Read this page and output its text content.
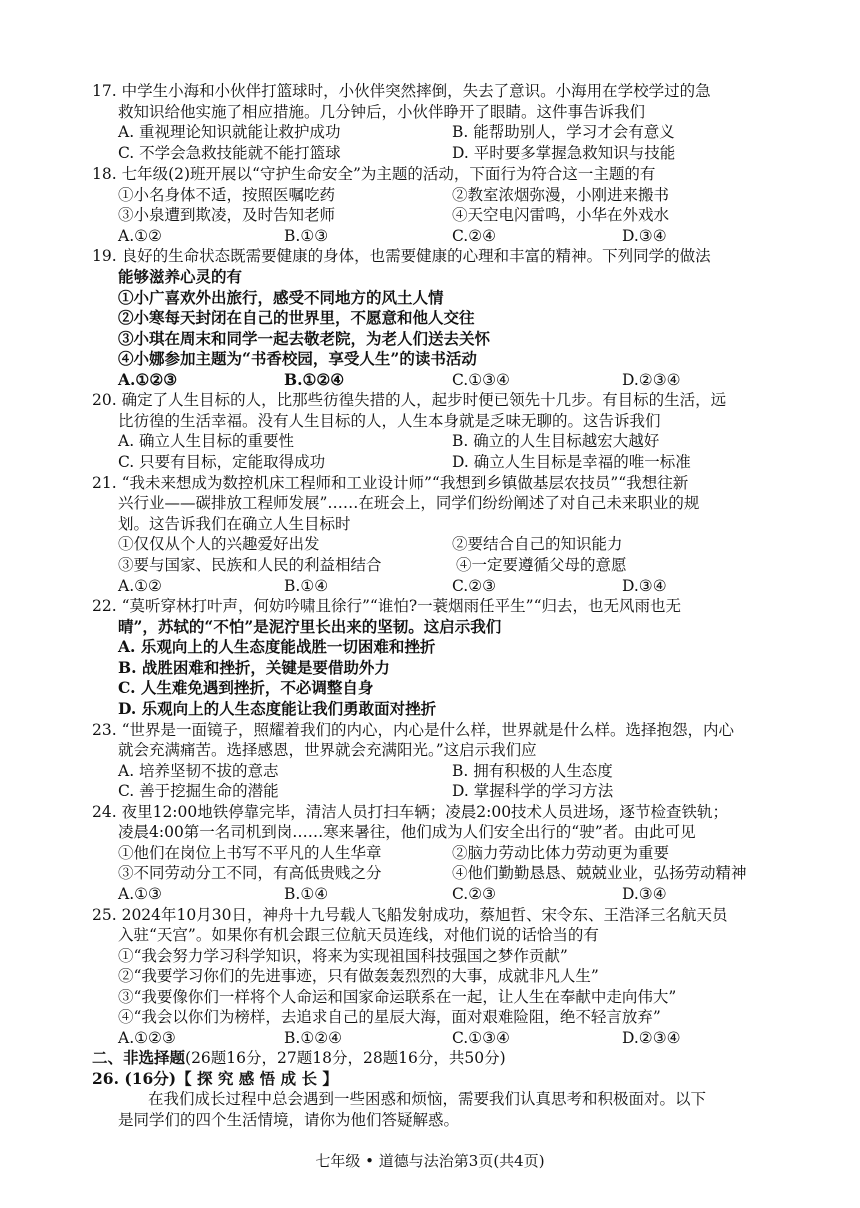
17. 中学生小海和小伙伴打篮球时，小伙伴突然摔倒，失去了意识。小海用在学校学过的急
救知识给他实施了相应措施。几分钟后，小伙伴睁开了眼睛。这件事告诉我们
A. 重视理论知识就能让救护成功	B. 能帮助别人，学习才会有意义
C. 不学会急救技能就不能打篮球	D. 平时要多掌握急救知识与技能
18. 七年级(2)班开展以“守护生命安全”为主题的活动，下面行为符合这一主题的有
①小名身体不适，按照医嘱吃药	②教室浓烟弥漫，小刚进来搬书
③小泉遭到欺凌，及时告知老师	④天空电闪雷鸣，小华在外戏水
A.①②	B.①③	C.②④	D.③④
19. 良好的生命状态既需要健康的身体，也需要健康的心理和丰富的精神。下列同学的做法
能够滋养心灵的有
①小广喜欢外出旅行，感受不同地方的风土人情
②小寒每天封闭在自己的世界里，不愿意和他人交往
③小琪在周末和同学一起去敬老院，为老人们送去关怀
④小娜参加主题为“书香校园，享受人生”的读书活动
A.①②③	B.①②④	C.①③④	D.②③④
20. 确定了人生目标的人，比那些彷徨失措的人，起步时便已领先十几步。有目标的生活，远
比彷徨的生活幸福。没有人生目标的人，人生本身就是乏味无聊的。这告诉我们
A. 确立人生目标的重要性	B. 确立的人生目标越宏大越好
C. 只要有目标，定能取得成功	D. 确立人生目标是幸福的唯一标准
21. “我未来想成为数控机床工程师和工业设计师”“我想到乡镇做基层农技员”“我想往新
兴行业——碳排放工程师发展”……在班会上，同学们纷纷阐述了对自己未来职业的规
划。这告诉我们在确立人生目标时
①仅仅从个人的兴趣爱好出发	②要结合自己的知识能力
③要与国家、民族和人民的利益相结合	④一定要遵循父母的意愿
A.①②	B.①④	C.②③	D.③④
22. “莫听穿林打叶声，何妨吟啸且徐行”“谁怕?一蓑烟雨任平生”“归去，也无风雨也无
晴”，苏轼的“不怕”是泥泞里长出来的坚韧。这启示我们
A. 乐观向上的人生态度能战胜一切困难和挫折
B. 战胜困难和挫折，关键是要借助外力
C. 人生难免遇到挫折，不必调整自身
D. 乐观向上的人生态度能让我们勇敢面对挫折
23. “世界是一面镜子，照耀着我们的内心，内心是什么样，世界就是什么样。选择抱怨，内心
就会充满痛苦。选择感恩，世界就会充满阳光。”这启示我们应
A. 培养坚韧不拔的意志	B. 拥有积极的人生态度
C. 善于挖掘生命的潜能	D. 掌握科学的学习方法
24. 夜里12:00地铁停靠完毕，清洁人员打扫车辆；凌晨2:00技术人员进场，逐节检查铁轨；
凌晨4:00第一名司机到岗……寒来暑往，他们成为人们安全出行的“驶”者。由此可见
①他们在岗位上书写不平凡的人生华章	②脑力劳动比体力劳动更为重要
③不同劳动分工不同，有高低贵贱之分	④他们勤勤恳恳、兢兢业业，弘扬劳动精神
A.①③	B.①④	C.②③	D.③④
25. 2024年10月30日，神舟十九号载人飞船发射成功，蔡旭哲、宋令东、王浩泽三名航天员
入驻“天宫”。如果你有机会跟三位航天员连线，对他们说的话恰当的有
①“我会努力学习科学知识，将来为实现祖国科技强国之梦作贡献”
②“我要学习你们的先进事迹，只有做轰轰烈烈的大事，成就非凡人生”
③“我要像你们一样将个人命运和国家命运联系在一起，让人生在奉献中走向伟大”
④“我会以你们为榜样，去追求自己的星辰大海，面对艰难险阻，绝不轻言放弃”
A.①②③	B.①②④	C.①③④	D.②③④
二、非选择题(26题16分，27题18分，28题16分，共50分)
26. (16分)【 探 究 感 悟 成 长 】
在我们成长过程中总会遇到一些困惑和烦恼，需要我们认真思考和积极面对。以下
是同学们的四个生活情境，请你为他们答疑解惑。
七年级 • 道德与法治第3页(共4页)
